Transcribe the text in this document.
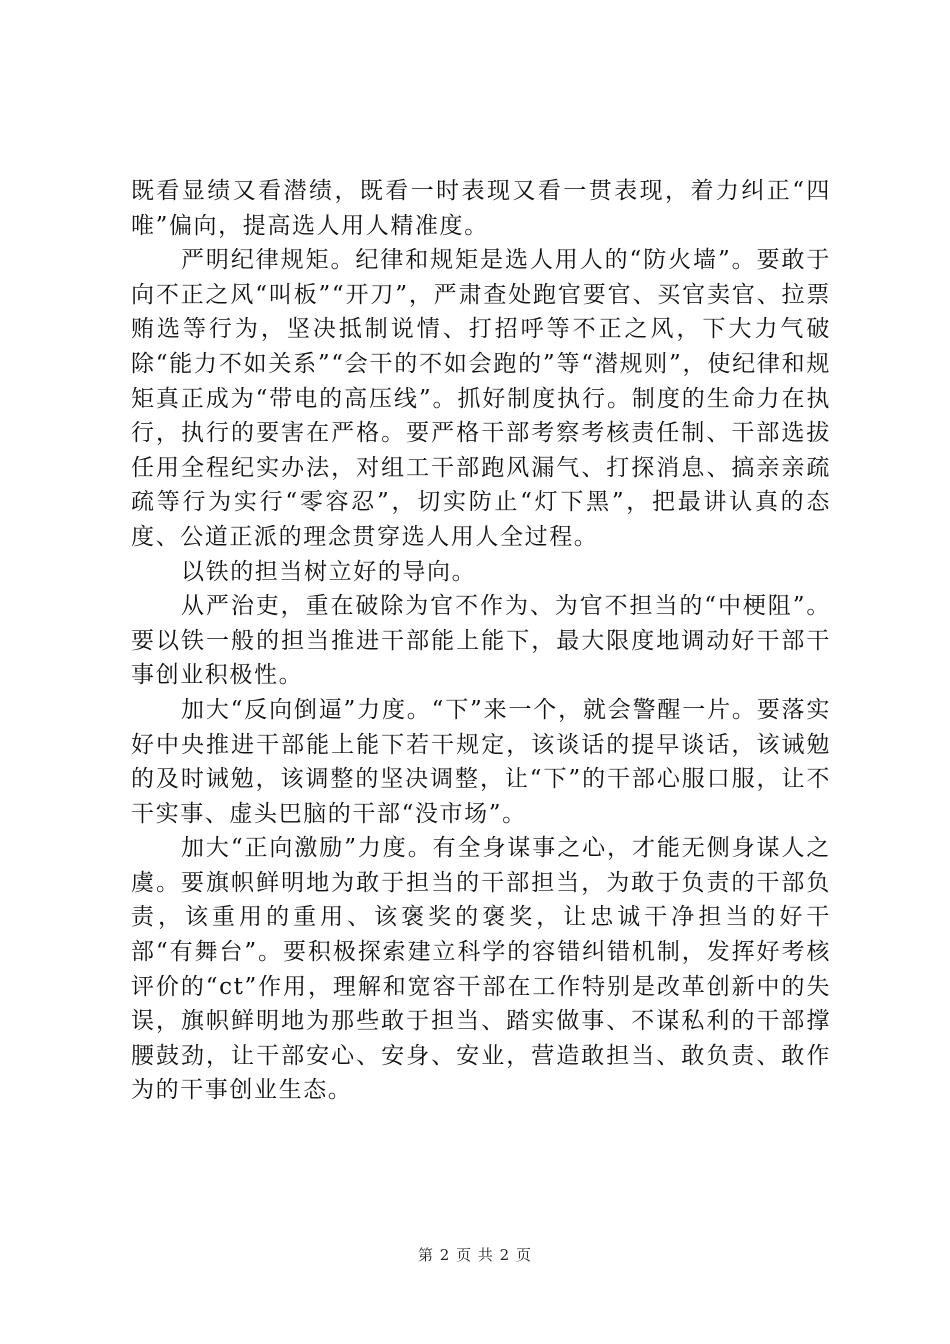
既看显绩又看潜绩，既看一时表现又看一贯表现，着力纠正“四唯”偏向，提高选人用人精准度。

严明纪律规矩。纪律和规矩是选人用人的“防火墙”。要敢于向不正之风“叫板”“开刀”，严肃查处跑官要官、买官卖官、拉票贿选等行为，坚决抵制说情、打招呼等不正之风，下大力气破除“能力不如关系”“会干的不如会跑的”等“潜规则”，使纪律和规矩真正成为“带电的高压线”。抓好制度执行。制度的生命力在执行，执行的要害在严格。要严格干部考察考核责任制、干部选拔任用全程纪实办法，对组工干部跑风漏气、打探消息、搞亲亲疏疏等行为实行“零容忍”，切实防止“灯下黑”，把最讲认真的态度、公道正派的理念贯穿选人用人全过程。

以铁的担当树立好的导向。

从严治吏，重在破除为官不作为、为官不担当的“中梗阻”。要以铁一般的担当推进干部能上能下，最大限度地调动好干部干事创业积极性。

加大“反向倒逼”力度。“下”来一个，就会警醒一片。要落实好中央推进干部能上能下若干规定，该谈话的提早谈话，该诫勉的及时诫勉，该调整的坚决调整，让“下”的干部心服口服，让不干实事、虚头巴脑的干部“没市场”。

加大“正向激励”力度。有全身谋事之心，才能无侧身谋人之虞。要旗帜鲜明地为敢于担当的干部担当，为敢于负责的干部负责，该重用的重用、该褒奖的褒奖，让忠诚干净担当的好干部“有舞台”。要积极探索建立科学的容错纠错机制，发挥好考核评价的“ct”作用，理解和宽容干部在工作特别是改革创新中的失误，旗帜鲜明地为那些敢于担当、踏实做事、不谋私利的干部撑腰鼓劲，让干部安心、安身、安业，营造敢担当、敢负责、敢作为的干事创业生态。

第 2 页 共 2 页
